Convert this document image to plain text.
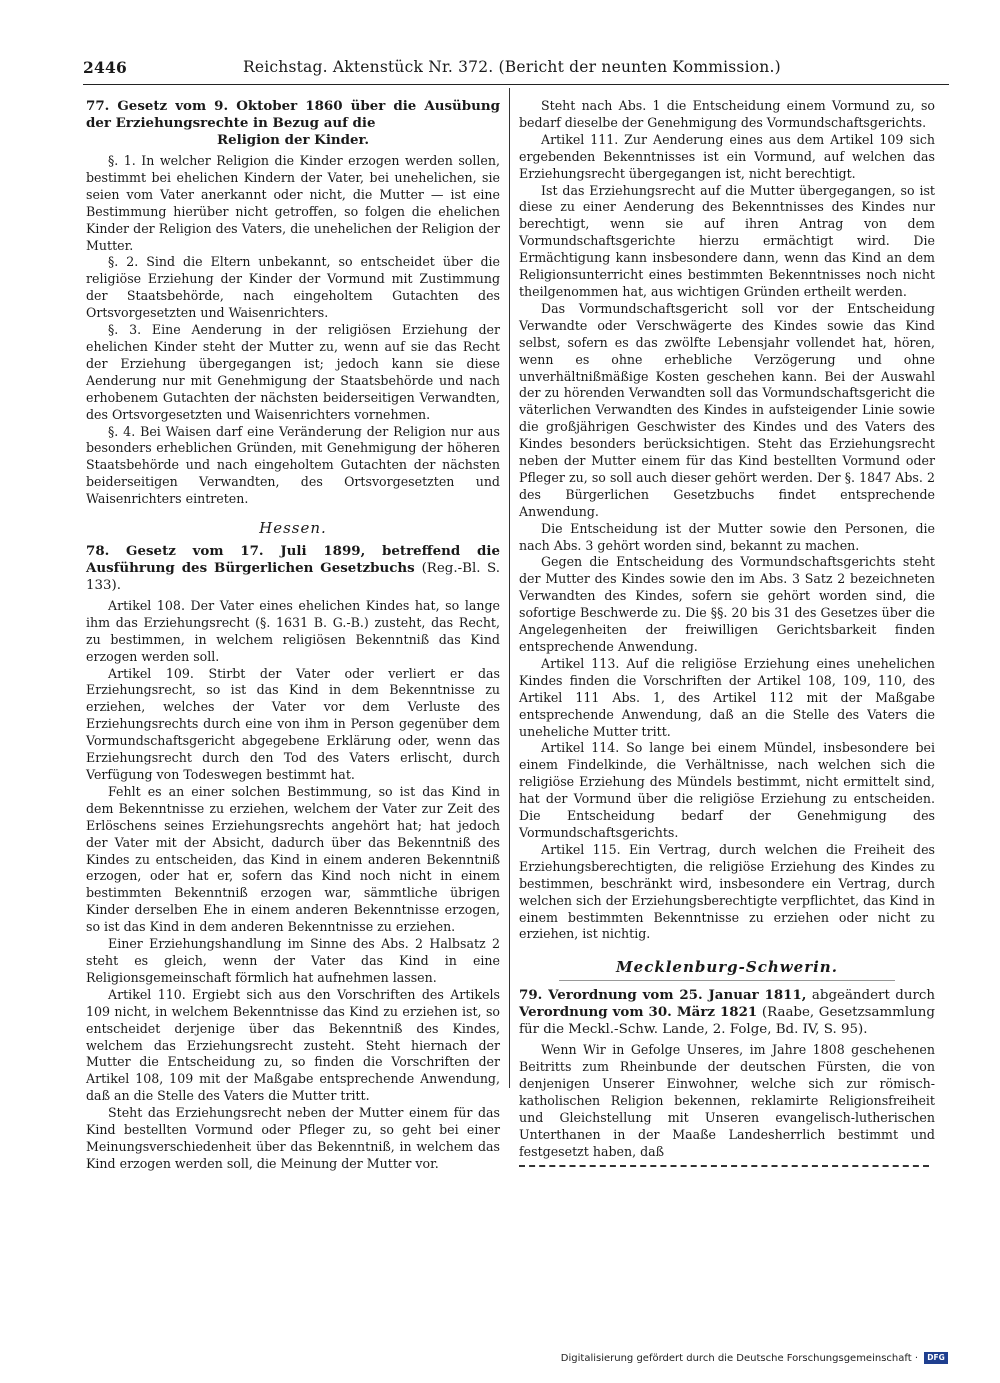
2446	Reichstag. Aktenstück Nr. 372. (Bericht der neunten Kommission.)
77. Gesetz vom 9. Oktober 1860 über die Ausübung der Erziehungsrechte in Bezug auf die
Religion der Kinder.

§. 1. In welcher Religion die Kinder erzogen werden sollen, bestimmt bei ehelichen Kindern der Vater, bei unehelichen, sie seien vom Vater anerkannt oder nicht, die Mutter — ist eine Bestimmung hierüber nicht getroffen, so folgen die ehelichen Kinder der Religion des Vaters, die unehelichen der Religion der Mutter.

§. 2. Sind die Eltern unbekannt, so entscheidet über die religiöse Erziehung der Kinder der Vormund mit Zustimmung der Staatsbehörde, nach eingeholtem Gutachten des Ortsvorgesetzten und Waisenrichters.

§. 3. Eine Aenderung in der religiösen Erziehung der ehelichen Kinder steht der Mutter zu, wenn auf sie das Recht der Erziehung übergegangen ist; jedoch kann sie diese Aenderung nur mit Genehmigung der Staatsbehörde und nach erhobenem Gutachten der nächsten beiderseitigen Verwandten, des Ortsvorgesetzten und Waisenrichters vornehmen.

§. 4. Bei Waisen darf eine Veränderung der Religion nur aus besonders erheblichen Gründen, mit Genehmigung der höheren Staatsbehörde und nach eingeholtem Gutachten der nächsten beiderseitigen Verwandten, des Ortsvorgesetzten und Waisenrichters eintreten.

Hessen.
78. Gesetz vom 17. Juli 1899, betreffend die Ausführung des Bürgerlichen Gesetzbuchs (Reg.-Bl. S. 133).

Artikel 108. Der Vater eines ehelichen Kindes hat, so lange ihm das Erziehungsrecht (§. 1631 B. G.-B.) zusteht, das Recht, zu bestimmen, in welchem religiösen Bekenntniß das Kind erzogen werden soll.

Artikel 109. Stirbt der Vater oder verliert er das Erziehungsrecht, so ist das Kind in dem Bekenntnisse zu erziehen, welches der Vater vor dem Verluste des Erziehungsrechts durch eine von ihm in Person gegenüber dem Vormundschaftsgericht abgegebene Erklärung oder, wenn das Erziehungsrecht durch den Tod des Vaters erlischt, durch Verfügung von Todeswegen bestimmt hat.

Fehlt es an einer solchen Bestimmung, so ist das Kind in dem Bekenntnisse zu erziehen, welchem der Vater zur Zeit des Erlöschens seines Erziehungsrechts angehört hat; hat jedoch der Vater mit der Absicht, dadurch über das Bekenntniß des Kindes zu entscheiden, das Kind in einem anderen Bekenntniß erzogen, oder hat er, sofern das Kind noch nicht in einem bestimmten Bekenntniß erzogen war, sämmtliche übrigen Kinder derselben Ehe in einem anderen Bekenntnisse erzogen, so ist das Kind in dem anderen Bekenntnisse zu erziehen.

Einer Erziehungshandlung im Sinne des Abs. 2 Halbsatz 2 steht es gleich, wenn der Vater das Kind in eine Religionsgemeinschaft förmlich hat aufnehmen lassen.

Artikel 110. Ergiebt sich aus den Vorschriften des Artikels 109 nicht, in welchem Bekenntnisse das Kind zu erziehen ist, so entscheidet derjenige über das Bekenntniß des Kindes, welchem das Erziehungsrecht zusteht. Steht hiernach der Mutter die Entscheidung zu, so finden die Vorschriften der Artikel 108, 109 mit der Maßgabe entsprechende Anwendung, daß an die Stelle des Vaters die Mutter tritt.

Steht das Erziehungsrecht neben der Mutter einem für das Kind bestellten Vormund oder Pfleger zu, so geht bei einer Meinungsverschiedenheit über das Bekenntniß, in welchem das Kind erzogen werden soll, die Meinung der Mutter vor.

Steht nach Abs. 1 die Entscheidung einem Vormund zu, so bedarf dieselbe der Genehmigung des Vormundschaftsgerichts.

Artikel 111. Zur Aenderung eines aus dem Artikel 109 sich ergebenden Bekenntnisses ist ein Vormund, auf welchen das Erziehungsrecht übergegangen ist, nicht berechtigt.

Ist das Erziehungsrecht auf die Mutter übergegangen, so ist diese zu einer Aenderung des Bekenntnisses des Kindes nur berechtigt, wenn sie auf ihren Antrag von dem Vormundschaftsgerichte hierzu ermächtigt wird. Die Ermächtigung kann insbesondere dann, wenn das Kind an dem Religionsunterricht eines bestimmten Bekenntnisses noch nicht theilgenommen hat, aus wichtigen Gründen ertheilt werden.

Das Vormundschaftsgericht soll vor der Entscheidung Verwandte oder Verschwägerte des Kindes sowie das Kind selbst, sofern es das zwölfte Lebensjahr vollendet hat, hören, wenn es ohne erhebliche Verzögerung und ohne unverhältnißmäßige Kosten geschehen kann. Bei der Auswahl der zu hörenden Verwandten soll das Vormundschaftsgericht die väterlichen Verwandten des Kindes in aufsteigender Linie sowie die großjährigen Geschwister des Kindes und des Vaters des Kindes besonders berücksichtigen. Steht das Erziehungsrecht neben der Mutter einem für das Kind bestellten Vormund oder Pfleger zu, so soll auch dieser gehört werden. Der §. 1847 Abs. 2 des Bürgerlichen Gesetzbuchs findet entsprechende Anwendung.

Die Entscheidung ist der Mutter sowie den Personen, die nach Abs. 3 gehört worden sind, bekannt zu machen.

Gegen die Entscheidung des Vormundschaftsgerichts steht der Mutter des Kindes sowie den im Abs. 3 Satz 2 bezeichneten Verwandten des Kindes, sofern sie gehört worden sind, die sofortige Beschwerde zu. Die §§. 20 bis 31 des Gesetzes über die Angelegenheiten der freiwilligen Gerichtsbarkeit finden entsprechende Anwendung.

Artikel 113. Auf die religiöse Erziehung eines unehelichen Kindes finden die Vorschriften der Artikel 108, 109, 110, des Artikel 111 Abs. 1, des Artikel 112 mit der Maßgabe entsprechende Anwendung, daß an die Stelle des Vaters die uneheliche Mutter tritt.

Artikel 114. So lange bei einem Mündel, insbesondere bei einem Findelkinde, die Verhältnisse, nach welchen sich die religiöse Erziehung des Mündels bestimmt, nicht ermittelt sind, hat der Vormund über die religiöse Erziehung zu entscheiden. Die Entscheidung bedarf der Genehmigung des Vormundschaftsgerichts.

Artikel 115. Ein Vertrag, durch welchen die Freiheit des Erziehungsberechtigten, die religiöse Erziehung des Kindes zu bestimmen, beschränkt wird, insbesondere ein Vertrag, durch welchen sich der Erziehungsberechtigte verpflichtet, das Kind in einem bestimmten Bekenntnisse zu erziehen oder nicht zu erziehen, ist nichtig.

Mecklenburg-Schwerin.
79. Verordnung vom 25. Januar 1811, abgeändert durch Verordnung vom 30. März 1821 (Raabe, Gesetzsammlung für die Meckl.-Schw. Lande, 2. Folge, Bd. IV, S. 95).

Wenn Wir in Gefolge Unseres, im Jahre 1808 geschehenen Beitritts zum Rheinbunde der deutschen Fürsten, die von denjenigen Unserer Einwohner, welche sich zur römisch-katholischen Religion bekennen, reklamirte Religionsfreiheit und Gleichstellung mit Unseren evangelisch-lutherischen Unterthanen in der Maaße Landesherrlich bestimmt und festgesetzt haben, daß

Digitalisierung gefördert durch die Deutsche Forschungsgemeinschaft ·	DFG
